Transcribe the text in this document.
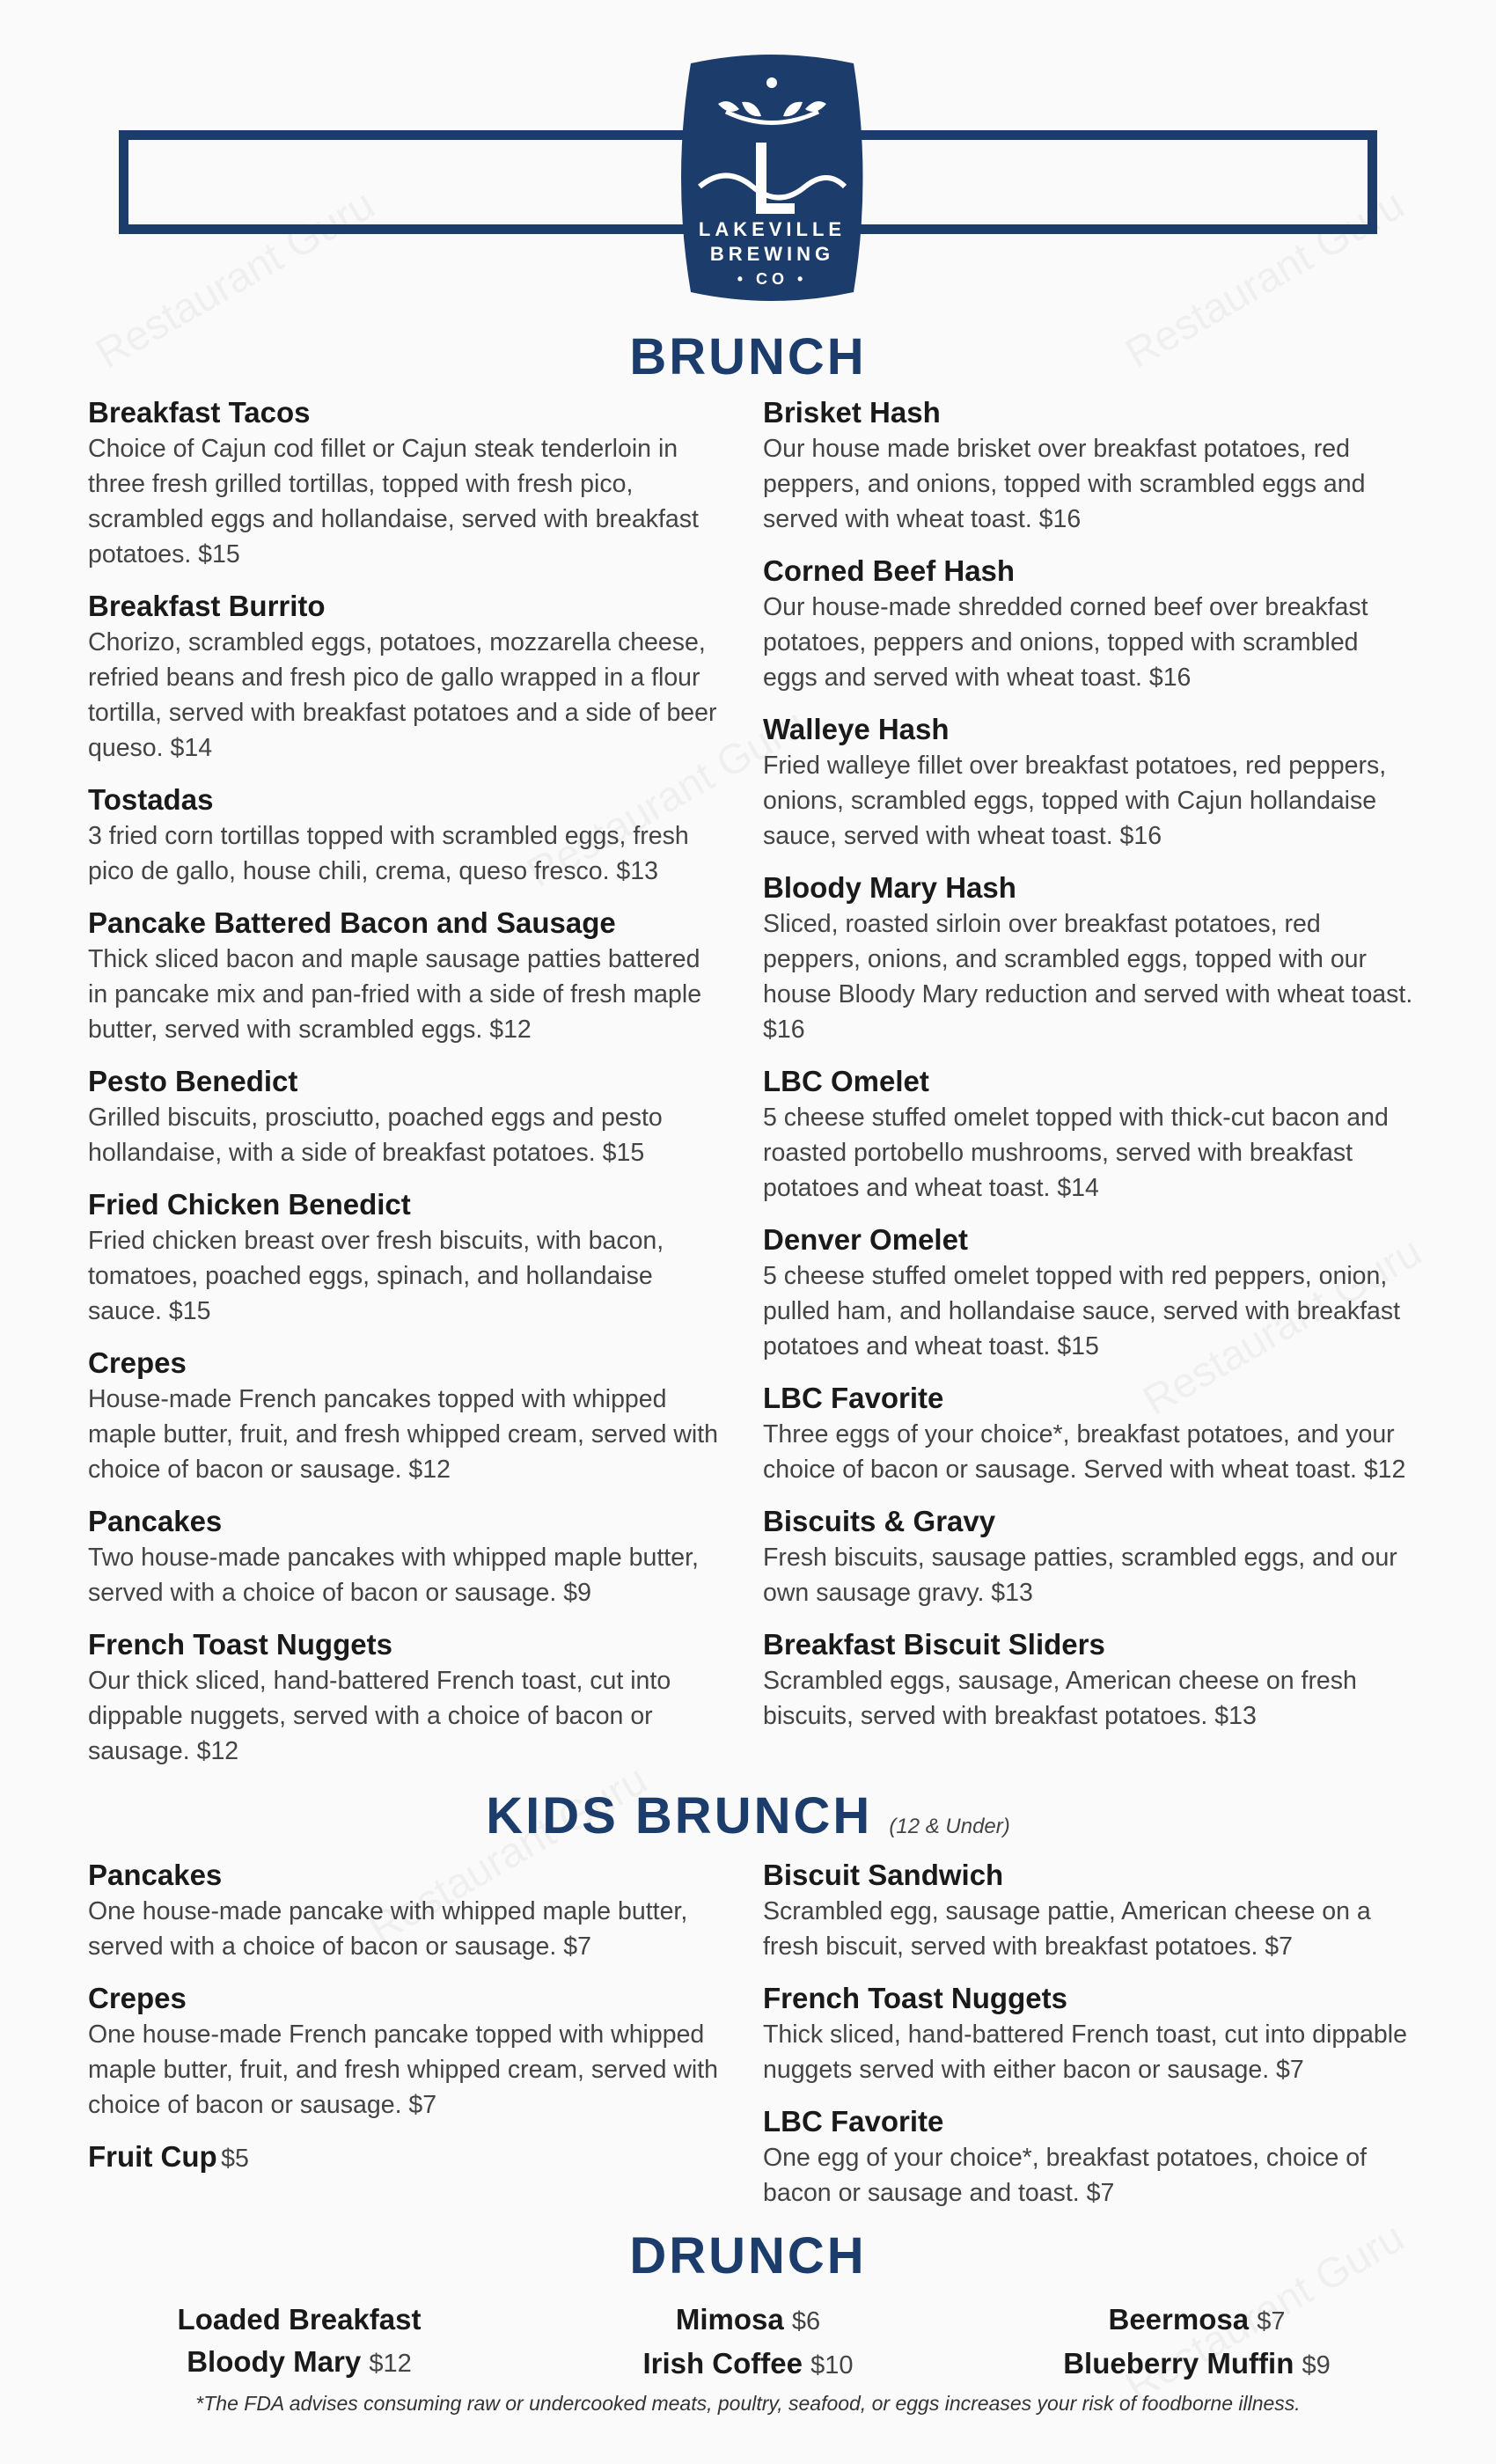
LAKEVILLE
BREWING
• CO •
BRUNCH
Breakfast Tacos
Choice of Cajun cod fillet or Cajun steak tenderloin in three fresh grilled tortillas, topped with fresh pico, scrambled eggs and hollandaise, served with breakfast potatoes. $15
Breakfast Burrito
Chorizo, scrambled eggs, potatoes, mozzarella cheese, refried beans and fresh pico de gallo wrapped in a flour tortilla, served with breakfast potatoes and a side of beer queso. $14
Tostadas
3 fried corn tortillas topped with scrambled eggs, fresh pico de gallo, house chili, crema, queso fresco. $13
Pancake Battered Bacon and Sausage
Thick sliced bacon and maple sausage patties battered in pancake mix and pan-fried with a side of fresh maple butter, served with scrambled eggs. $12
Pesto Benedict
Grilled biscuits, prosciutto, poached eggs and pesto hollandaise, with a side of breakfast potatoes. $15
Fried Chicken Benedict
Fried chicken breast over fresh biscuits, with bacon, tomatoes, poached eggs, spinach, and hollandaise sauce. $15
Crepes
House-made French pancakes topped with whipped maple butter, fruit, and fresh whipped cream, served with choice of bacon or sausage. $12
Pancakes
Two house-made pancakes with whipped maple butter, served with a choice of bacon or sausage. $9
French Toast Nuggets
Our thick sliced, hand-battered French toast, cut into dippable nuggets, served with a choice of bacon or sausage. $12
Brisket Hash
Our house made brisket over breakfast potatoes, red peppers, and onions, topped with scrambled eggs and served with wheat toast. $16
Corned Beef Hash
Our house-made shredded corned beef over breakfast potatoes, peppers and onions, topped with scrambled eggs and served with wheat toast. $16
Walleye Hash
Fried walleye fillet over breakfast potatoes, red peppers, onions, scrambled eggs, topped with Cajun hollandaise sauce, served with wheat toast. $16
Bloody Mary Hash
Sliced, roasted sirloin over breakfast potatoes, red peppers, onions, and scrambled eggs, topped with our house Bloody Mary reduction and served with wheat toast. $16
LBC Omelet
5 cheese stuffed omelet topped with thick-cut bacon and roasted portobello mushrooms, served with breakfast potatoes and wheat toast. $14
Denver Omelet
5 cheese stuffed omelet topped with red peppers, onion, pulled ham, and hollandaise sauce, served with breakfast potatoes and wheat toast. $15
LBC Favorite
Three eggs of your choice*, breakfast potatoes, and your choice of bacon or sausage. Served with wheat toast. $12
Biscuits & Gravy
Fresh biscuits, sausage patties, scrambled eggs, and our own sausage gravy. $13
Breakfast Biscuit Sliders
Scrambled eggs, sausage, American cheese on fresh biscuits, served with breakfast potatoes. $13
KIDS BRUNCH (12 & Under)
Pancakes
One house-made pancake with whipped maple butter, served with a choice of bacon or sausage. $7
Crepes
One house-made French pancake topped with whipped maple butter, fruit, and fresh whipped cream, served with choice of bacon or sausage. $7
Fruit Cup $5
Biscuit Sandwich
Scrambled egg, sausage pattie, American cheese on a fresh biscuit, served with breakfast potatoes. $7
French Toast Nuggets
Thick sliced, hand-battered French toast, cut into dippable nuggets served with either bacon or sausage. $7
LBC Favorite
One egg of your choice*, breakfast potatoes, choice of bacon or sausage and toast. $7
DRUNCH
Loaded Breakfast
Bloody Mary $12
Mimosa $6
Irish Coffee $10
Beermosa $7
Blueberry Muffin $9
*The FDA advises consuming raw or undercooked meats, poultry, seafood, or eggs increases your risk of foodborne illness.
